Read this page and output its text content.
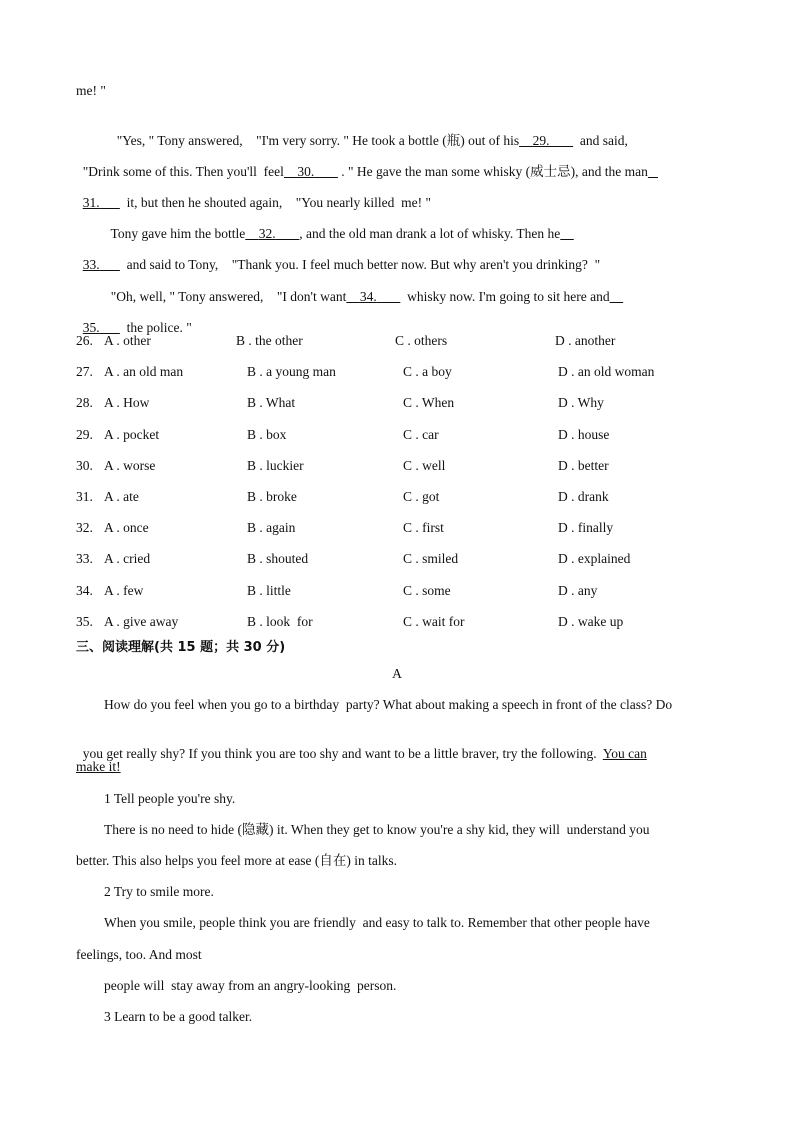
me! "

"Yes, " Tony answered,    "I'm very sorry. " He took a bottle (瓶) out of his 29. and said,

"Drink some of this. Then you'll  feel 30.        . " He gave the man some whisky (威士忌), and the man

31. it, but then he shouted again,    "You nearly killed  me! "

Tony gave him the bottle 32. , and the old man drank a lot of whisky. Then he

33. and said to Tony,    "Thank you. I feel much better now. But why aren't you drinking?  "

"Oh, well, " Tony answered,    "I don't want 34. whisky now. I'm going to sit here and

35. the police. "

26. A . other	B . the other	C . others	D . another
27. A . an old man	B . a young man	C . a boy	D . an old woman
28. A . How	B . What	C . When	D . Why
29. A . pocket	B . box	C . car	D . house
30. A . worse	B . luckier	C . well	D . better
31. A . ate	B . broke	C . got	D . drank
32. A . once	B . again	C . first	D . finally
33. A . cried	B . shouted	C . smiled	D . explained
34. A . few	B . little	C . some	D . any
35. A . give away	B . look  for	C . wait for	D . wake up
三、阅读理解(共 15 题；共 30 分)
A
How do you feel when you go to a birthday  party? What about making a speech in front of the class? Do

you get really shy? If you think you are too shy and want to be a little braver, try the following. You can

make it!
1 Tell people you're shy.
There is no need to hide (隐藏) it. When they get to know you're a shy kid, they will  understand you
better. This also helps you feel more at ease (自在) in talks.
2 Try to smile more.
When you smile, people think you are friendly  and easy to talk to. Remember that other people have
feelings, too. And most
people will  stay away from an angry-looking  person.
3 Learn to be a good talker.
